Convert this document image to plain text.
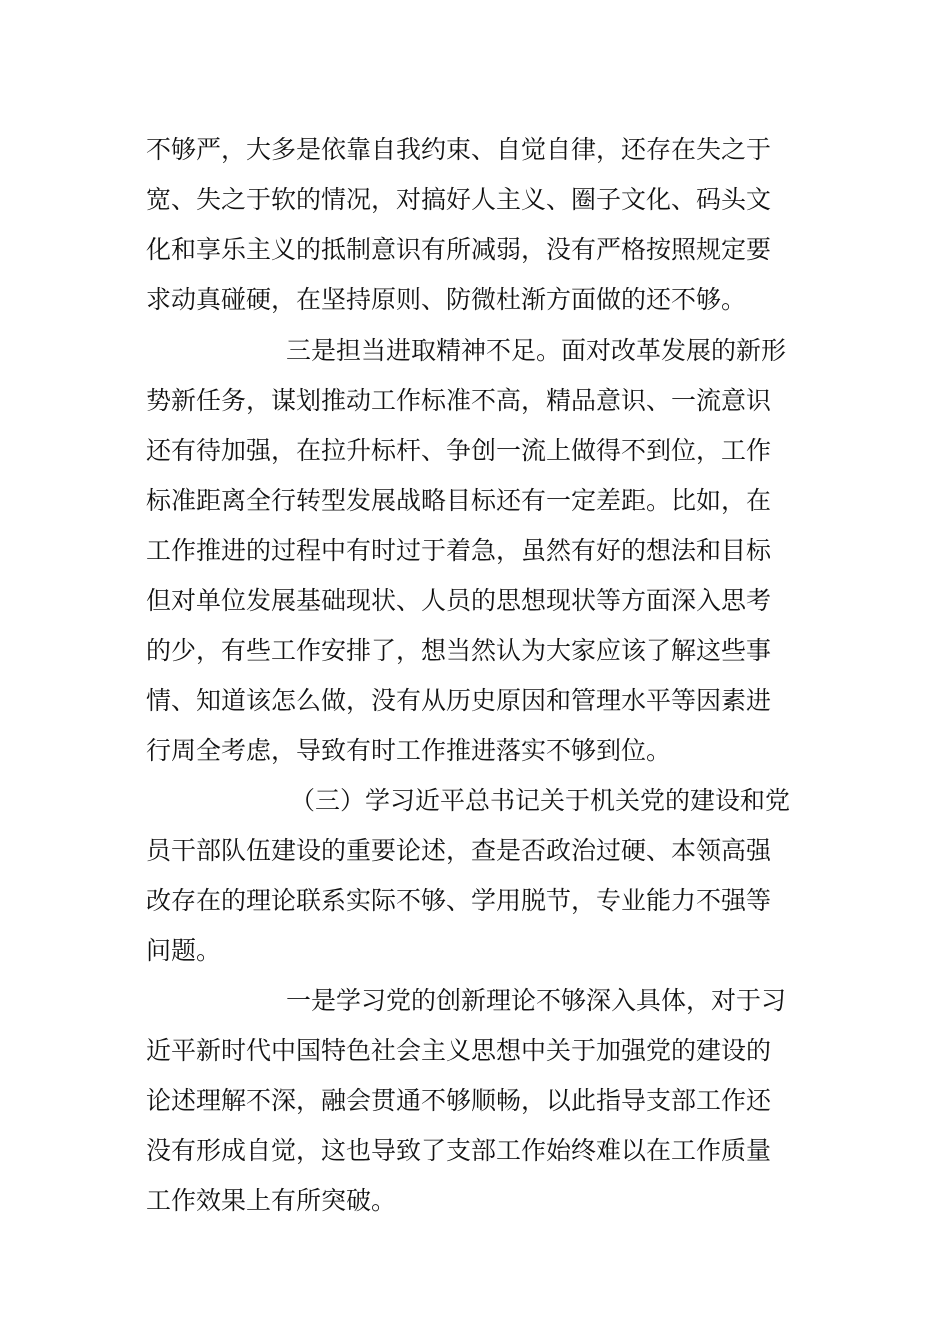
不够严，大多是依靠自我约束、自觉自律，还存在失之于
宽、失之于软的情况，对搞好人主义、圈子文化、码头文
化和享乐主义的抵制意识有所减弱，没有严格按照规定要
求动真碰硬，在坚持原则、防微杜渐方面做的还不够。
三是担当进取精神不足。面对改革发展的新形
势新任务，谋划推动工作标准不高，精品意识、一流意识
还有待加强，在拉升标杆、争创一流上做得不到位，工作
标准距离全行转型发展战略目标还有一定差距。比如，在
工作推进的过程中有时过于着急，虽然有好的想法和目标
但对单位发展基础现状、人员的思想现状等方面深入思考
的少，有些工作安排了，想当然认为大家应该了解这些事
情、知道该怎么做，没有从历史原因和管理水平等因素进
行周全考虑，导致有时工作推进落实不够到位。
（三）学习近平总书记关于机关党的建设和党
员干部队伍建设的重要论述，查是否政治过硬、本领高强
改存在的理论联系实际不够、学用脱节，专业能力不强等
问题。
一是学习党的创新理论不够深入具体，对于习
近平新时代中国特色社会主义思想中关于加强党的建设的
论述理解不深，融会贯通不够顺畅，以此指导支部工作还
没有形成自觉，这也导致了支部工作始终难以在工作质量
工作效果上有所突破。
